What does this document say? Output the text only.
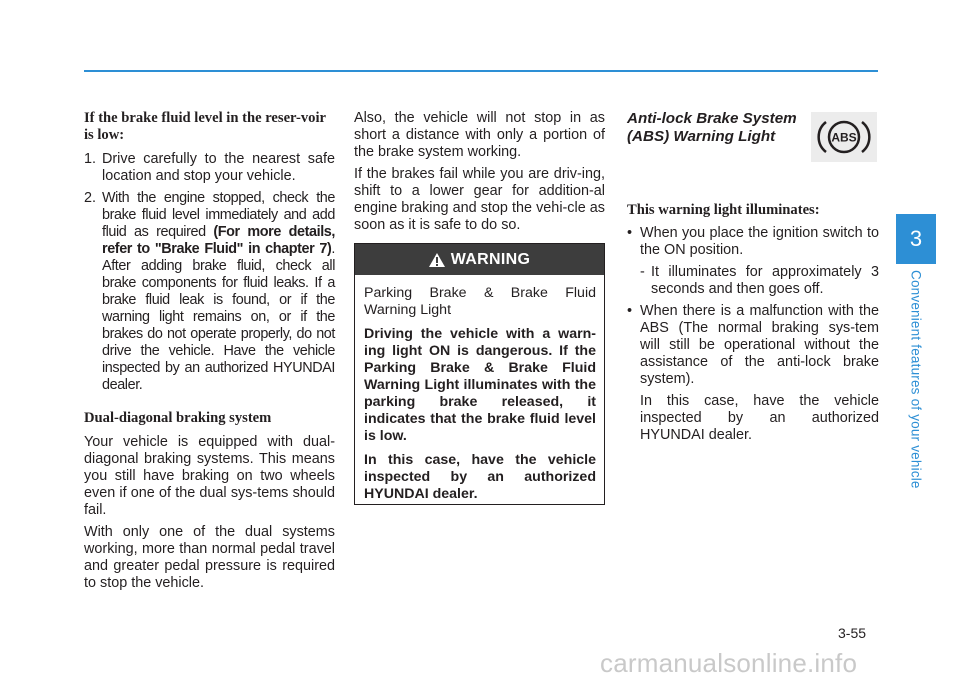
If the brake fluid level in the reser-voir is low:
1. Drive carefully to the nearest safe location and stop your vehicle.
2. With the engine stopped, check the brake fluid level immediately and add fluid as required (For more details, refer to "Brake Fluid" in chapter 7). After adding brake fluid, check all brake components for fluid leaks. If a brake fluid leak is found, or if the warning light remains on, or if the brakes do not operate properly, do not drive the vehicle. Have the vehicle inspected by an authorized HYUNDAI dealer.
Dual-diagonal braking system

Your vehicle is equipped with dual-diagonal braking systems. This means you still have braking on two wheels even if one of the dual sys-tems should fail.

With only one of the dual systems working, more than normal pedal travel and greater pedal pressure is required to stop the vehicle.

Also, the vehicle will not stop in as short a distance with only a portion of the brake system working.

If the brakes fail while you are driv-ing, shift to a lower gear for addition-al engine braking and stop the vehi-cle as soon as it is safe to do so.

WARNING

Parking Brake & Brake Fluid Warning Light

Driving the vehicle with a warn-ing light ON is dangerous. If the Parking Brake & Brake Fluid Warning Light illuminates with the parking brake released, it indicates that the brake fluid level is low.

In this case, have the vehicle inspected by an authorized HYUNDAI dealer.

Anti-lock Brake System (ABS) Warning Light
This warning light illuminates:
• When you place the ignition switch to the ON position.
- It illuminates for approximately 3 seconds and then goes off.
• When there is a malfunction with the ABS (The normal braking sys-tem will still be operational without the assistance of the anti-lock brake system).

In this case, have the vehicle inspected by an authorized HYUNDAI dealer.

ABS
3
Convenient features of your vehicle
3-55
carmanualsonline.info
